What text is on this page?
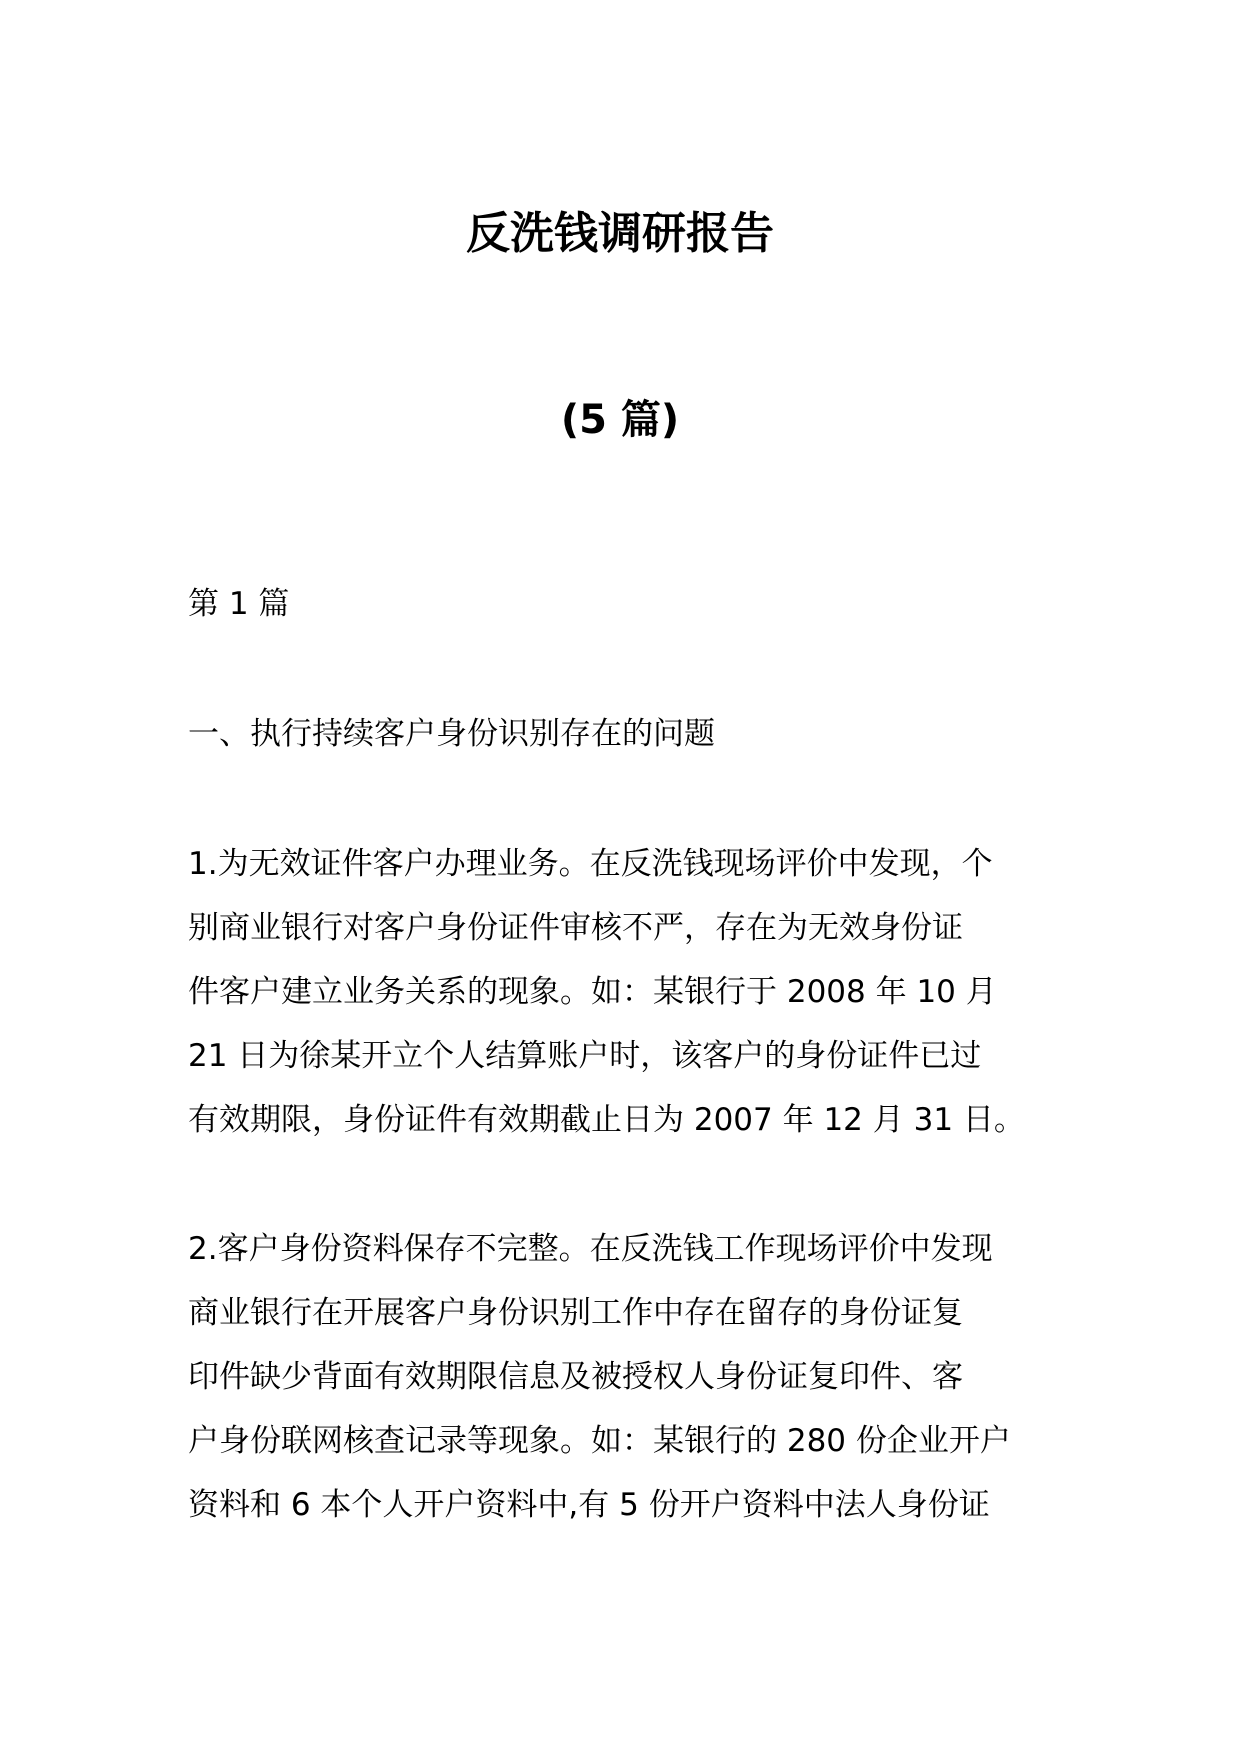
反洗钱调研报告
(5 篇)

第 1 篇

一、执行持续客户身份识别存在的问题

1.为无效证件客户办理业务。在反洗钱现场评价中发现，个
别商业银行对客户身份证件审核不严，存在为无效身份证
件客户建立业务关系的现象。如：某银行于 2008 年 10 月
21 日为徐某开立个人结算账户时，该客户的身份证件已过
有效期限，身份证件有效期截止日为 2007 年 12 月 31 日。
2.客户身份资料保存不完整。在反洗钱工作现场评价中发现
商业银行在开展客户身份识别工作中存在留存的身份证复
印件缺少背面有效期限信息及被授权人身份证复印件、客
户身份联网核查记录等现象。如：某银行的 280 份企业开户
资料和 6 本个人开户资料中,有 5 份开户资料中法人身份证
